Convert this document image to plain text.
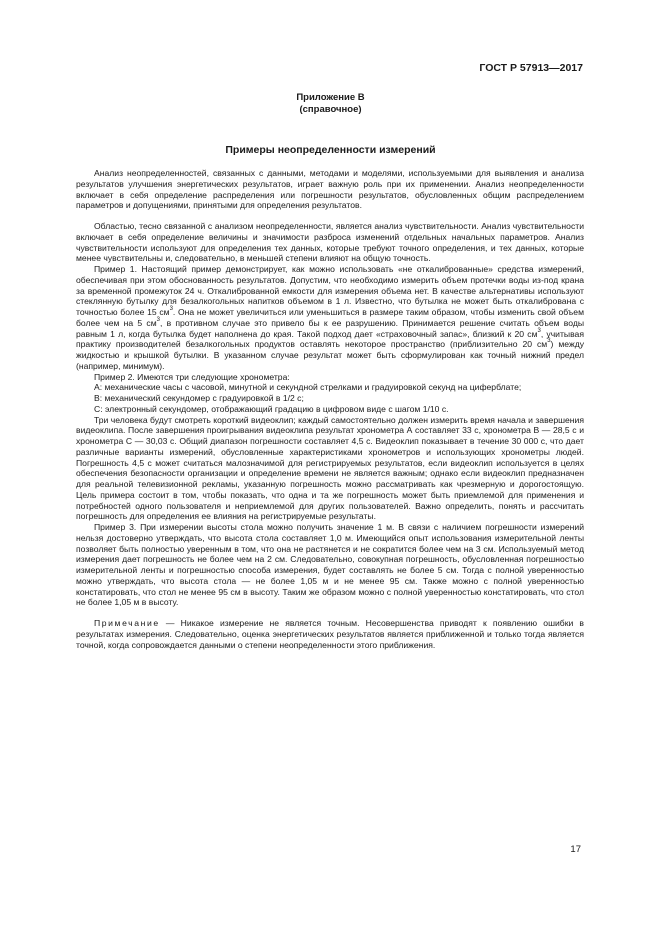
ГОСТ Р 57913—2017
Приложение В
(справочное)
Примеры неопределенности измерений

Анализ неопределенностей, связанных с данными, методами и моделями, используемыми для выявления и анализа результатов улучшения энергетических результатов, играет важную роль при их применении. Анализ неопределенности включает в себя определение распределения или погрешности результатов, обусловленных общим распределением параметров и допущениями, принятыми для определения результатов.

Областью, тесно связанной с анализом неопределенности, является анализ чувствительности. Анализ чувствительности включает в себя определение величины и значимости разброса изменений отдельных начальных параметров. Анализ чувствительности используют для определения тех данных, которые требуют точного определения, и тех данных, которые менее чувствительны и, следовательно, в меньшей степени влияют на общую точность.

Пример 1. Настоящий пример демонстрирует, как можно использовать «не откалиброванные» средства измерений, обеспечивая при этом обоснованность результатов. Допустим, что необходимо измерить объем протечки воды из-под крана за временной промежуток 24 ч. Откалиброванной емкости для измерения объема нет. В качестве альтернативы используют стеклянную бутылку для безалкогольных напитков объемом в 1 л. Известно, что бутылка не может быть откалибрована с точностью более 15 $см^3$. Она не может увеличиться или уменьшиться в размере таким образом, чтобы изменить свой объем более чем на 5 $см^3$, в противном случае это привело бы к ее разрушению. Принимается решение считать объем воды равным 1 л, когда бутылка будет наполнена до края. Такой подход дает «страховочный запас», близкий к 20 $см^3$, учитывая практику производителей безалкогольных продуктов оставлять некоторое пространство (приблизительно 20 $см^3$) между жидкостью и крышкой бутылки. В указанном случае результат может быть сформулирован как точный нижний предел (например, минимум).

Пример 2. Имеются три следующие хронометра:

А: механические часы с часовой, минутной и секундной стрелками и градуировкой секунд на циферблате;

В: механический секундомер с градуировкой в 1/2 с;

С: электронный секундомер, отображающий градацию в цифровом виде с шагом 1/10 с.

Три человека будут смотреть короткий видеоклип; каждый самостоятельно должен измерить время начала и завершения видеоклипа. После завершения проигрывания видеоклипа результат хронометра А составляет 33 с, хронометра В — 28,5 с и хронометра С — 30,03 с. Общий диапазон погрешности составляет 4,5 с. Видеоклип показывает в течение 30 000 с, что дает различные варианты измерений, обусловленные характеристиками хронометров и использующих хронометры людей. Погрешность 4,5 с может считаться малозначимой для регистрируемых результатов, если видеоклип используется в целях обеспечения безопасности организации и определение времени не является важным; однако если видеоклип предназначен для реальной телевизионной рекламы, указанную погрешность можно рассматривать как чрезмерную и дорогостоящую. Цель примера состоит в том, чтобы показать, что одна и та же погрешность может быть приемлемой для применения и потребностей одного пользователя и неприемлемой для других пользователей. Важно определить, понять и рассчитать погрешность для определения ее влияния на регистрируемые результаты.

Пример 3. При измерении высоты стола можно получить значение 1 м. В связи с наличием погрешности измерений нельзя достоверно утверждать, что высота стола составляет 1,0 м. Имеющийся опыт использования измерительной ленты позволяет быть полностью уверенным в том, что она не растянется и не сократится более чем на 3 см. Используемый метод измерения дает погрешность не более чем на 2 см. Следовательно, совокупная погрешность, обусловленная погрешностью измерительной ленты и погрешностью способа измерения, будет составлять не более 5 см. Тогда с полной уверенностью можно утверждать, что высота стола — не более 1,05 м и не менее 95 см. Также можно с полной уверенностью констатировать, что стол не менее 95 см в высоту. Таким же образом можно с полной уверенностью констатировать, что стол не более 1,05 м в высоту.

Примечание — Никакое измерение не является точным. Несовершенства приводят к появлению ошибки в результатах измерения. Следовательно, оценка энергетических результатов является приближенной и только тогда является точной, когда сопровождается данными о степени неопределенности этого приближения.

17
